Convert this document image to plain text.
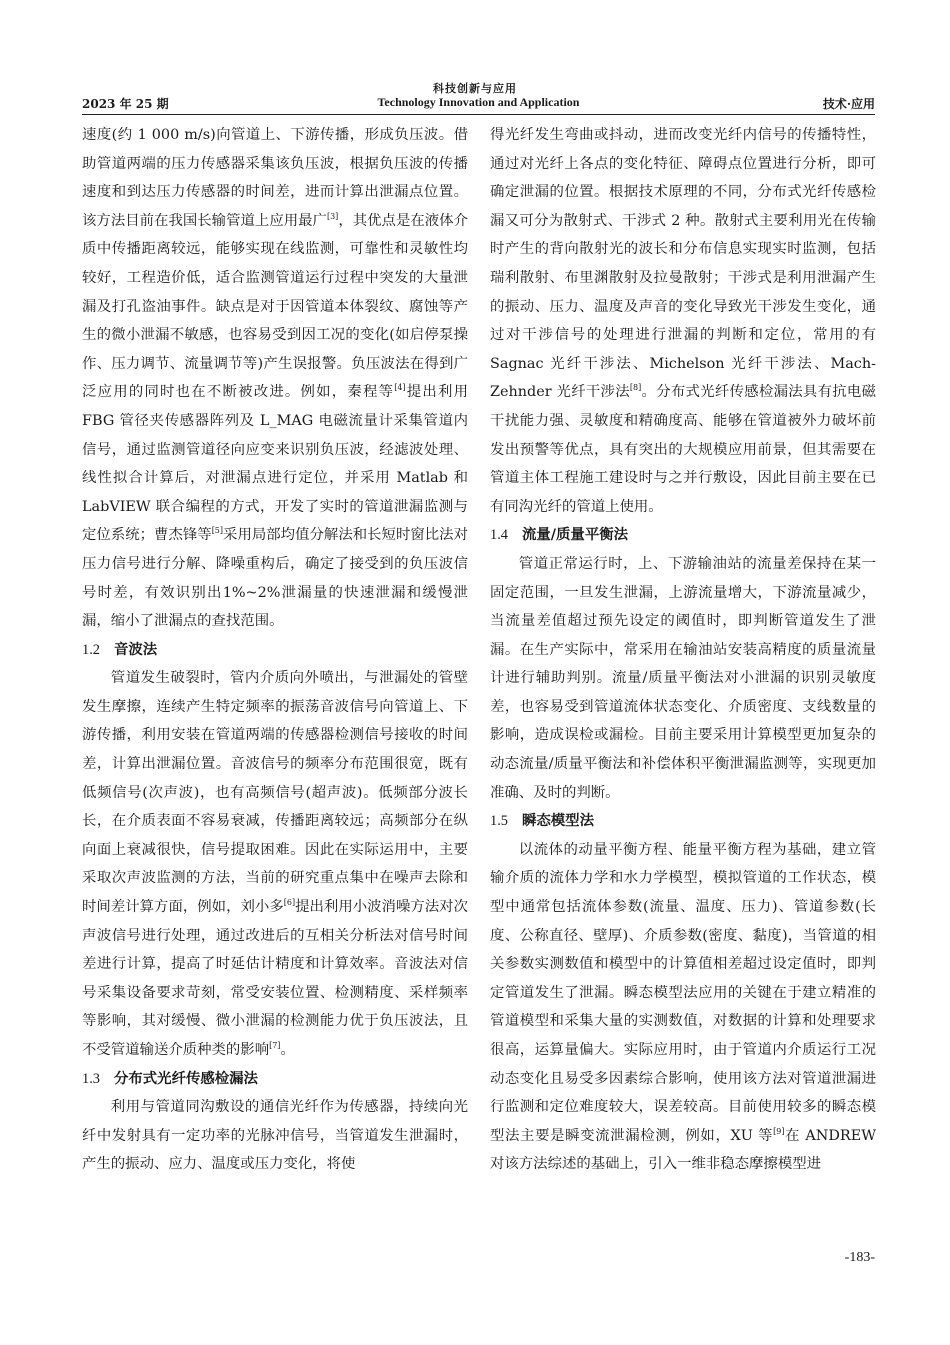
科技创新与应用
2023 年 25 期	Technology Innovation and Application	技术·应用

速度(约 1 000 m/s)向管道上、下游传播，形成负压波。借助管道两端的压力传感器采集该负压波，根据负压波的传播速度和到达压力传感器的时间差，进而计算出泄漏点位置。该方法目前在我国长输管道上应用最广[3]，其优点是在液体介质中传播距离较远，能够实现在线监测，可靠性和灵敏性均较好，工程造价低，适合监测管道运行过程中突发的大量泄漏及打孔盗油事件。缺点是对于因管道本体裂纹、腐蚀等产生的微小泄漏不敏感，也容易受到因工况的变化(如启停泵操作、压力调节、流量调节等)产生误报警。负压波法在得到广泛应用的同时也在不断被改进。例如，秦程等[4]提出利用 FBG 管径夹传感器阵列及 L_MAG 电磁流量计采集管道内信号，通过监测管道径向应变来识别负压波，经滤波处理、线性拟合计算后，对泄漏点进行定位，并采用 Matlab 和 LabVIEW 联合编程的方式，开发了实时的管道泄漏监测与定位系统；曹杰锋等[5]采用局部均值分解法和长短时窗比法对压力信号进行分解、降噪重构后，确定了接受到的负压波信号时差，有效识别出1%~2%泄漏量的快速泄漏和缓慢泄漏，缩小了泄漏点的查找范围。

1.2 音波法

管道发生破裂时，管内介质向外喷出，与泄漏处的管壁发生摩擦，连续产生特定频率的振荡音波信号向管道上、下游传播，利用安装在管道两端的传感器检测信号接收的时间差，计算出泄漏位置。音波信号的频率分布范围很宽，既有低频信号(次声波)，也有高频信号(超声波)。低频部分波长长，在介质表面不容易衰减，传播距离较远；高频部分在纵向面上衰减很快，信号提取困难。因此在实际运用中，主要采取次声波监测的方法，当前的研究重点集中在噪声去除和时间差计算方面，例如，刘小多[6]提出利用小波消噪方法对次声波信号进行处理，通过改进后的互相关分析法对信号时间差进行计算，提高了时延估计精度和计算效率。音波法对信号采集设备要求苛刻，常受安装位置、检测精度、采样频率等影响，其对缓慢、微小泄漏的检测能力优于负压波法，且不受管道输送介质种类的影响[7]。

1.3 分布式光纤传感检漏法

利用与管道同沟敷设的通信光纤作为传感器，持续向光纤中发射具有一定功率的光脉冲信号，当管道发生泄漏时，产生的振动、应力、温度或压力变化，将使

得光纤发生弯曲或抖动，进而改变光纤内信号的传播特性，通过对光纤上各点的变化特征、障碍点位置进行分析，即可确定泄漏的位置。根据技术原理的不同，分布式光纤传感检漏又可分为散射式、干涉式 2 种。散射式主要利用光在传输时产生的背向散射光的波长和分布信息实现实时监测，包括瑞利散射、布里渊散射及拉曼散射；干涉式是利用泄漏产生的振动、压力、温度及声音的变化导致光干涉发生变化，通过对干涉信号的处理进行泄漏的判断和定位，常用的有 Sagnac 光纤干涉法、Michelson 光纤干涉法、Mach-Zehnder 光纤干涉法[8]。分布式光纤传感检漏法具有抗电磁干扰能力强、灵敏度和精确度高、能够在管道被外力破坏前发出预警等优点，具有突出的大规模应用前景，但其需要在管道主体工程施工建设时与之并行敷设，因此目前主要在已有同沟光纤的管道上使用。

1.4 流量/质量平衡法

管道正常运行时，上、下游输油站的流量差保持在某一固定范围，一旦发生泄漏，上游流量增大，下游流量减少，当流量差值超过预先设定的阈值时，即判断管道发生了泄漏。在生产实际中，常采用在输油站安装高精度的质量流量计进行辅助判别。流量/质量平衡法对小泄漏的识别灵敏度差，也容易受到管道流体状态变化、介质密度、支线数量的影响，造成误检或漏检。目前主要采用计算模型更加复杂的动态流量/质量平衡法和补偿体积平衡泄漏监测等，实现更加准确、及时的判断。

1.5 瞬态模型法

以流体的动量平衡方程、能量平衡方程为基础，建立管输介质的流体力学和水力学模型，模拟管道的工作状态，模型中通常包括流体参数(流量、温度、压力)、管道参数(长度、公称直径、壁厚)、介质参数(密度、黏度)，当管道的相关参数实测数值和模型中的计算值相差超过设定值时，即判定管道发生了泄漏。瞬态模型法应用的关键在于建立精准的管道模型和采集大量的实测数值，对数据的计算和处理要求很高，运算量偏大。实际应用时，由于管道内介质运行工况动态变化且易受多因素综合影响，使用该方法对管道泄漏进行监测和定位难度较大，误差较高。目前使用较多的瞬态模型法主要是瞬变流泄漏检测，例如，XU 等[9]在 ANDREW 对该方法综述的基础上，引入一维非稳态摩擦模型进

-183-
